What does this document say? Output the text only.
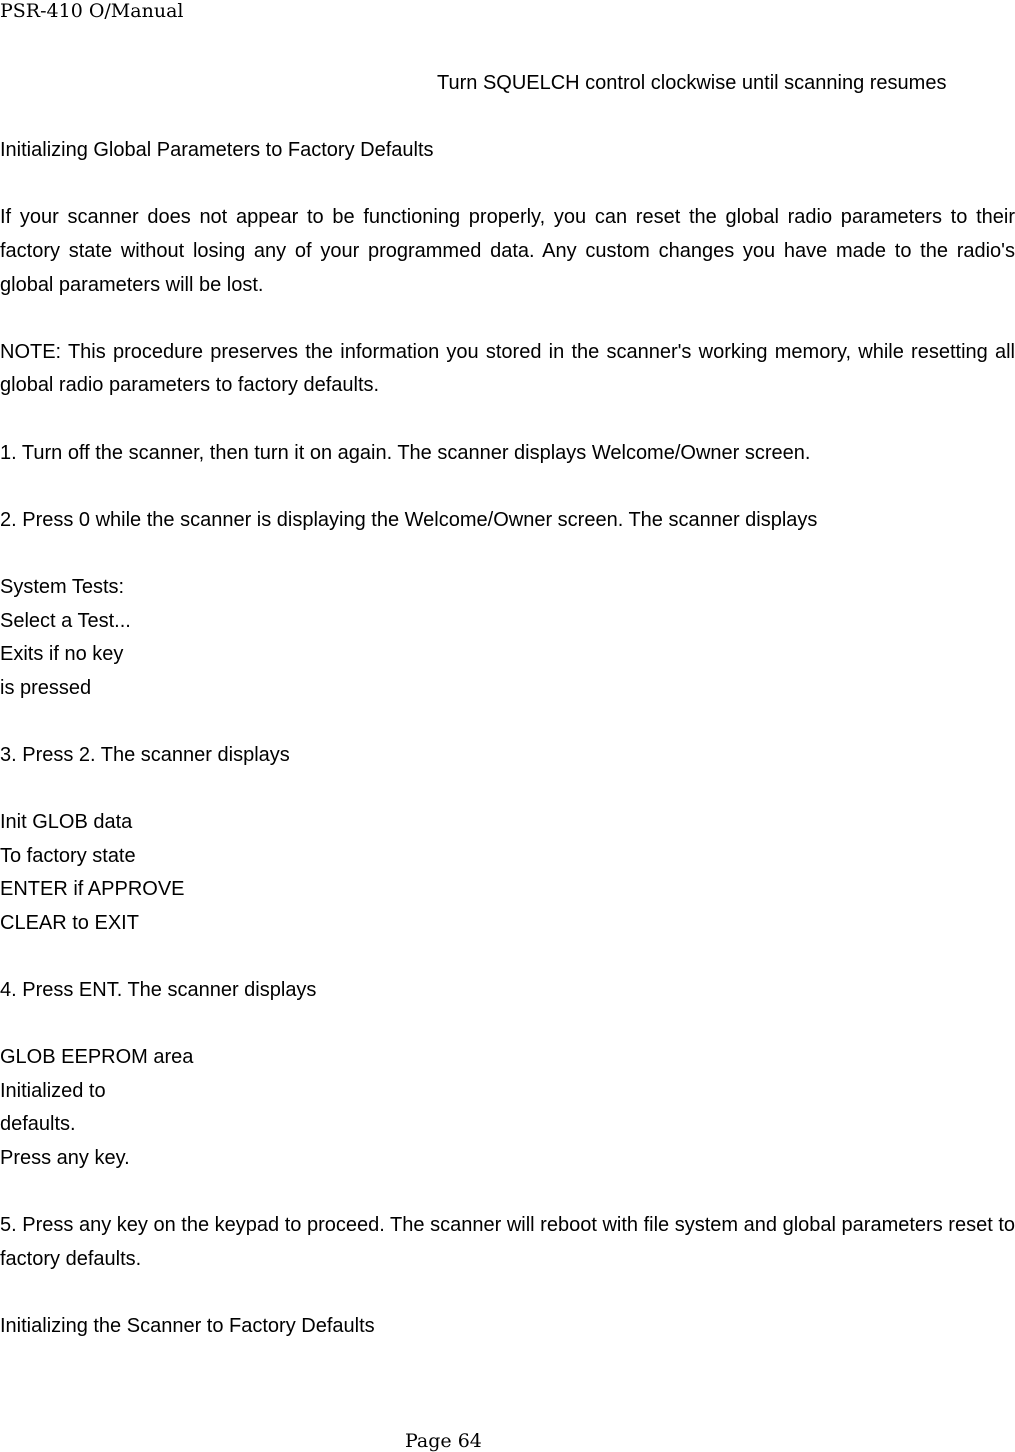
PSR-410 O/Manual

Turn SQUELCH control clockwise until scanning resumes

Initializing Global Parameters to Factory Defaults

If your scanner does not appear to be functioning properly, you can reset the global radio parameters to their factory state without losing any of your programmed data. Any custom changes you have made to the radio's global parameters will be lost.

NOTE: This procedure preserves the information you stored in the scanner's working memory, while resetting all global radio parameters to factory defaults.

1. Turn off the scanner, then turn it on again. The scanner displays Welcome/Owner screen.

2. Press 0 while the scanner is displaying the Welcome/Owner screen. The scanner displays

System Tests:

Select a Test...

Exits if no key

is pressed

3. Press 2. The scanner displays

Init GLOB data

To factory state

ENTER if APPROVE

CLEAR to EXIT

4. Press ENT. The scanner displays

GLOB EEPROM area

Initialized to

defaults.

Press any key.

5. Press any key on the keypad to proceed. The scanner will reboot with file system and global parameters reset to factory defaults.

Initializing the Scanner to Factory Defaults

Page 64
